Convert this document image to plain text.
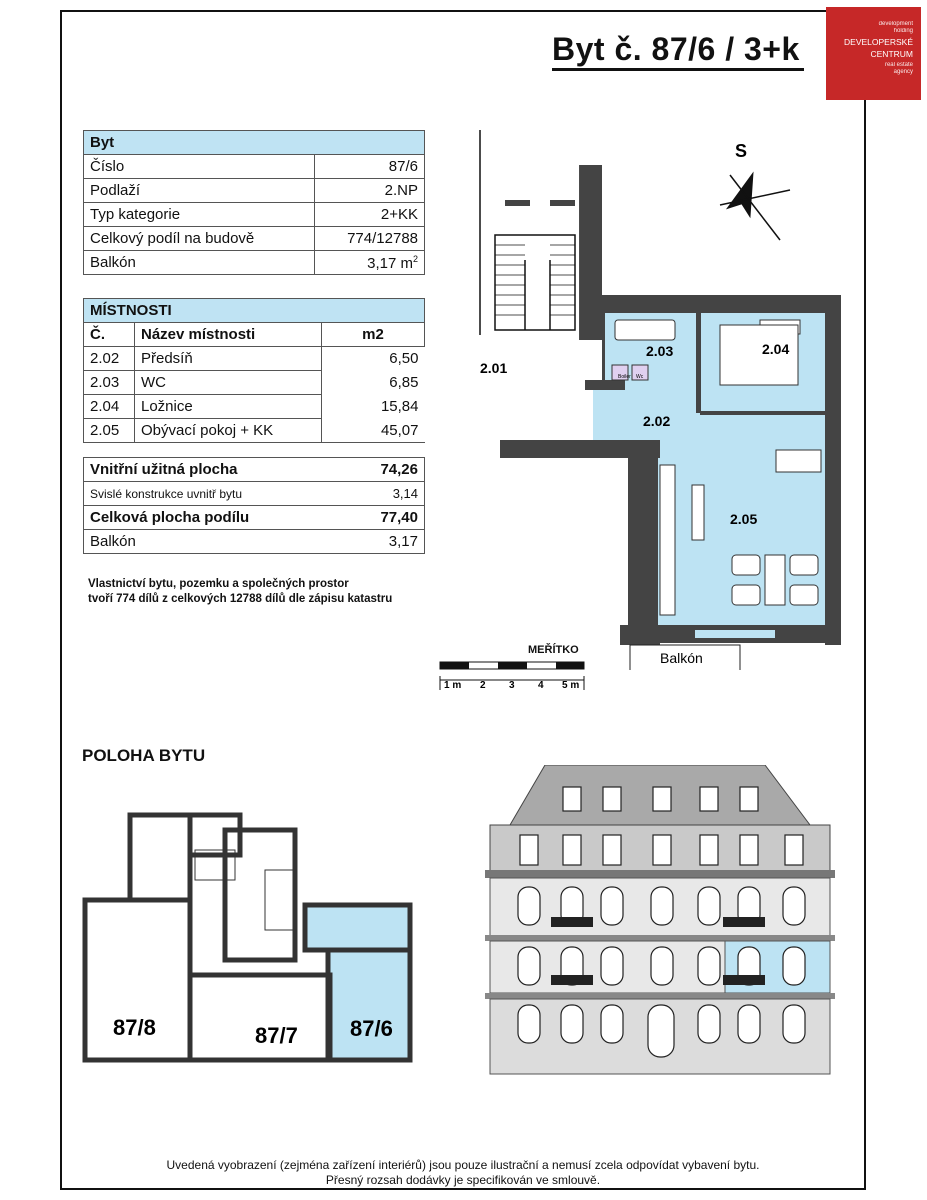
Byt č. 87/6 / 3+k
development
holding
DEVELOPERSKÉ
CENTRUM
real estate
agency
Byt	
Číslo	87/6
Podlaží	2.NP
Typ kategorie	2+KK
Celkový podíl na budově	774/12788
Balkón	3,17 $m^2$
MÍSTNOSTI		
Č.	Název místnosti	m2
2.02	Předsíň	6,50
2.03	WC	6,85
2.04	Ložnice	15,84
2.05	Obývací pokoj + KK	45,07

Vnitřní užitná plocha		74,26
Svislé konstrukce uvnitř bytu		3,14
Celková plocha podílu		77,40
Balkón		3,17
Vlastnictví bytu, pozemku a společných prostor
tvoří 774 dílů z celkových 12788 dílů dle zápisu katastru
Boiler Wc
2.01
2.02
2.03	2.04
2.05
Balkón
S
MEŘÍTKO
1 m 2 3 4 5 m
POLOHA BYTU
87/8	87/7 87/6
Uvedená vyobrazení (zejména zařízení interiérů) jsou pouze ilustrační a nemusí zcela odpovídat vybavení bytu.
Přesný rozsah dodávky je specifikován ve smlouvě.
